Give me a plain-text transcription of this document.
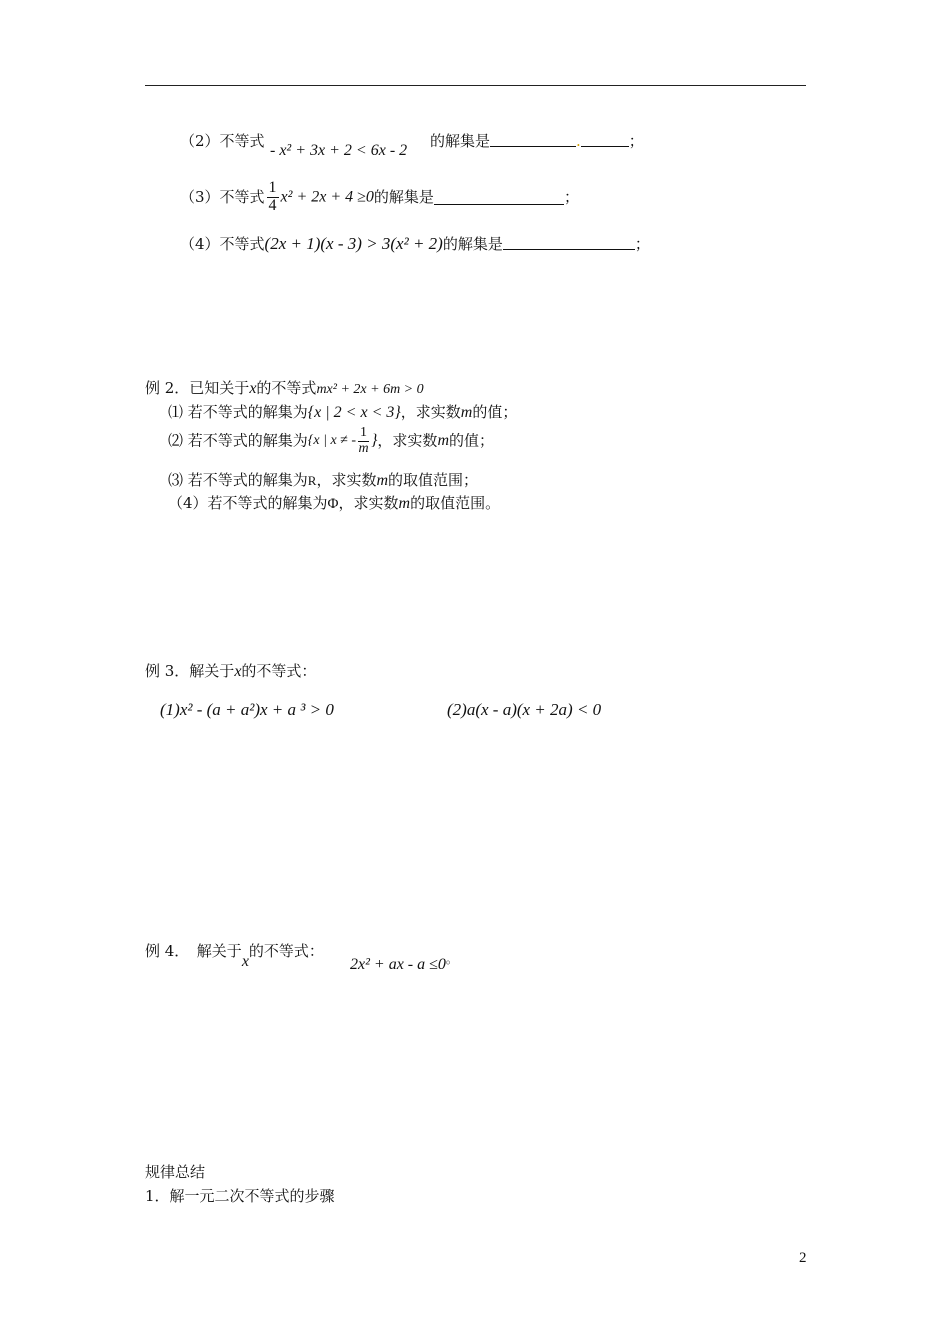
（2）不等式
- x² + 3x + 2 < 6x - 2
的解集是	.	；
（3）不等式 $\frac{1}{4} x^2 + 2x + 4 \ge 0$的解集是	；
（4）不等式(2x + 1)(x - 3) > 3(x² + 2)的解集是	；
例 2．已知关于x的不等式mx² + 2x + 6m > 0
⑴ 若不等式的解集为{x | 2 < x < 3}，求实数m的值；
⑵ 若不等式的解集为{x | x ≠ - $\frac{1}{m}$ }，求实数m的值；
⑶ 若不等式的解集为R，求实数m的取值范围；
（4）若不等式的解集为Φ，求实数m的取值范围。
例 3．解关于x的不等式：
(1)x² - (a + a²)x + a ³ > 0	(2)a(x - a)(x + 2a) < 0
例 4．　解关于x的不等式：
2x² + ax - a ≤0。
规律总结
1．解一元二次不等式的步骤
2
